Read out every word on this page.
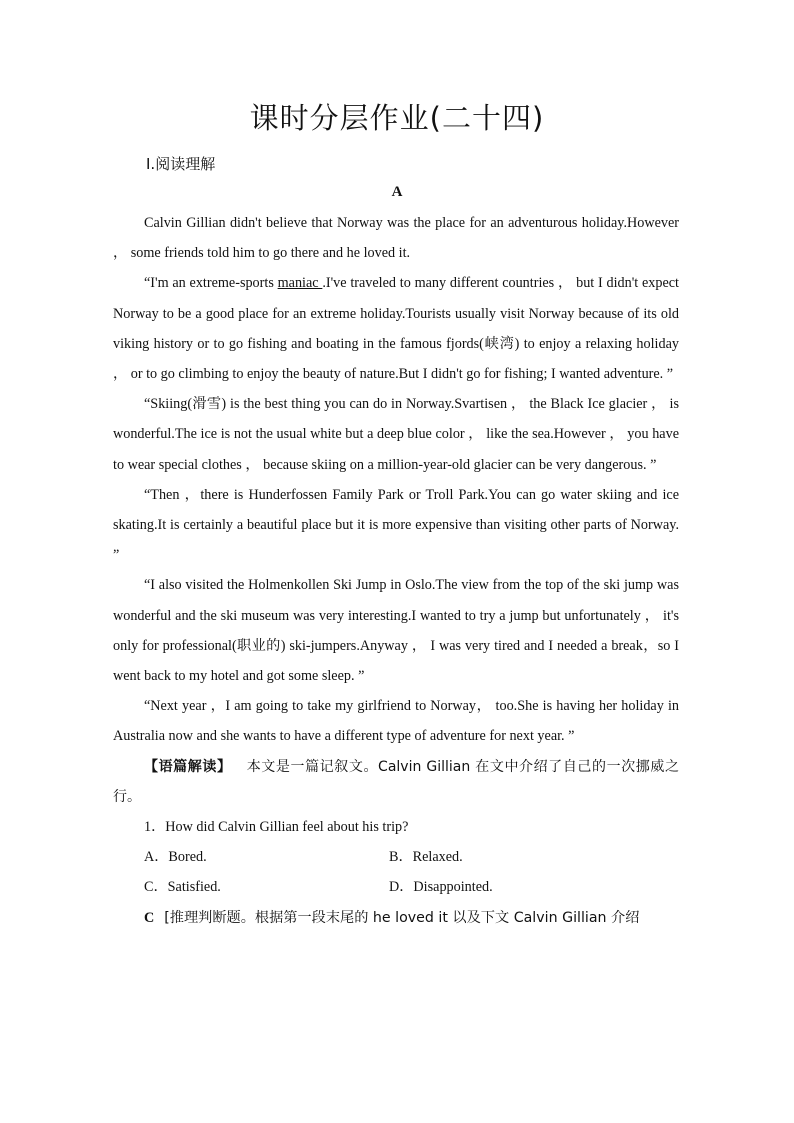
课时分层作业(二十四)
Ⅰ.阅读理解
A

Calvin Gillian didn't believe that Norway was the place for an adventurous holiday.However ， some friends told him to go there and he loved it.

“I'm an extreme-sports maniac .I've traveled to many different countries ， but I didn't expect Norway to be a good place for an extreme holiday.Tourists usually visit Norway because of its old viking history or to go fishing and boating in the famous fjords(峡湾) to enjoy a relaxing holiday ， or to go climbing to enjoy the beauty of nature.But I didn't go for fishing; I wanted adventure. ”

“Skiing(滑雪) is the best thing you can do in Norway.Svartisen ， the Black Ice glacier ， is wonderful.The ice is not the usual white but a deep blue color ， like the sea.However ， you have to wear special clothes ， because skiing on a million-year-old glacier can be very dangerous. ”

“Then ，there is Hunderfossen Family Park or Troll Park.You can go water skiing and ice skating.It is certainly a beautiful place but it is more expensive than visiting other parts of Norway. ”

“I also visited the Holmenkollen Ski Jump in Oslo.The view from the top of the ski jump was wonderful and the ski museum was very interesting.I wanted to try a jump but unfortunately ， it's only for professional(职业的) ski-jumpers.Anyway ， I was very tired and I needed a break，so I went back to my hotel and got some sleep. ”

“Next year ，I am going to take my girlfriend to Norway， too.She is having her holiday in Australia now and she wants to have a different type of adventure for next year. ”

【语篇解读】 本文是一篇记叙文。Calvin Gillian 在文中介绍了自己的一次挪威之行。

1．How did Calvin Gillian feel about his trip?

A．Bored.	B．Relaxed.
C．Satisfied.	D．Disappointed.

C [推理判断题。根据第一段末尾的 he loved it 以及下文 Calvin Gillian 介绍
